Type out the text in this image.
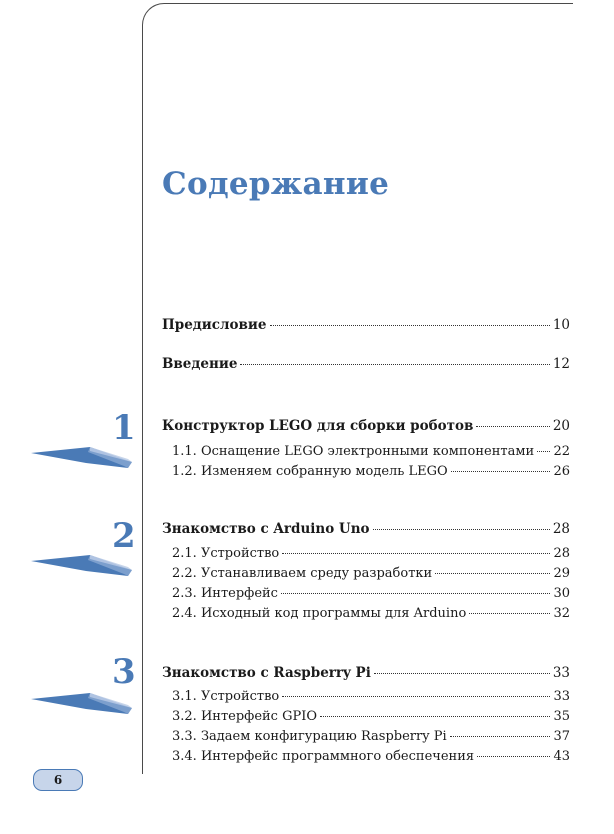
Содержание
Предисловие	10
Введение	12
1 Конструктор LEGO для сборки роботов	20
1.1. Оснащение LEGO электронными компонентами 22
1.2. Изменяем собранную модель LEGO	26
2 Знакомство с Arduino Uno	28
2.1. Устройство	28
2.2. Устанавливаем среду разработки	29
2.3. Интерфейс	30
2.4. Исходный код программы для Arduino	32
3 Знакомство с Raspberry Pi	33
3.1. Устройство	33
3.2. Интерфейс GPIO	35
3.3. Задаем конфигурацию Raspberry Pi	37
3.4. Интерфейс программного обеспечения	43
6
